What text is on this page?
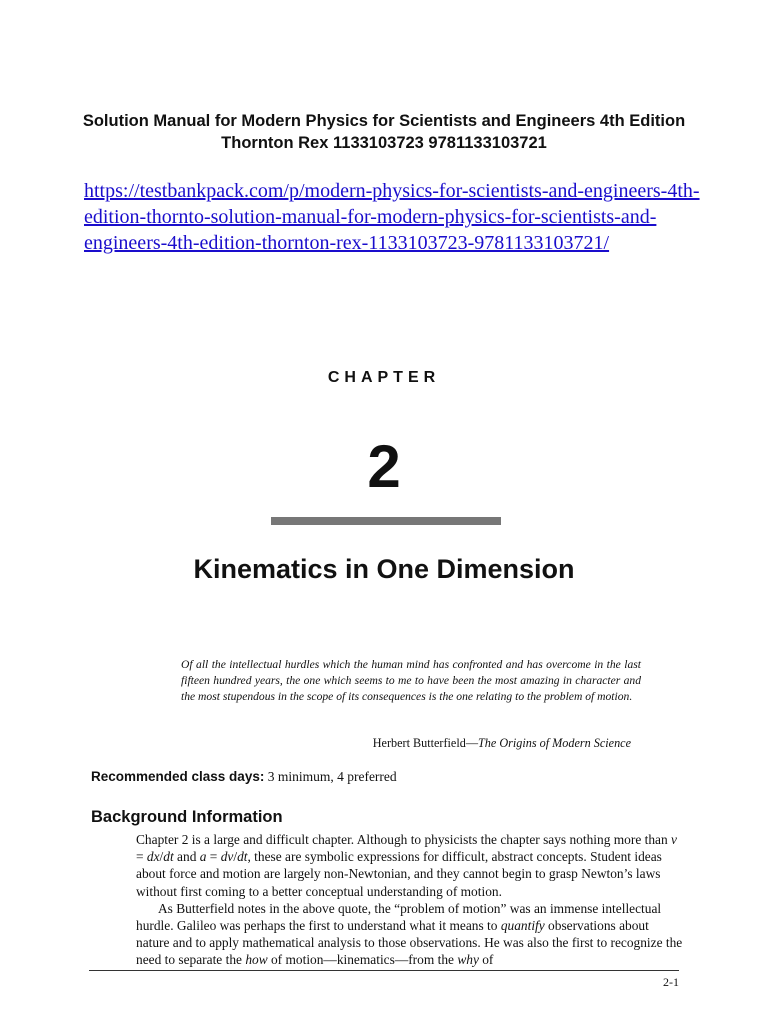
Solution Manual for Modern Physics for Scientists and Engineers 4th Edition Thornton Rex 1133103723 9781133103721
https://testbankpack.com/p/modern-physics-for-scientists-and-engineers-4th-edition-thornto-solution-manual-for-modern-physics-for-scientists-and-engineers-4th-edition-thornton-rex-1133103723-9781133103721/
CHAPTER
2
Kinematics in One Dimension
Of all the intellectual hurdles which the human mind has confronted and has overcome in the last fifteen hundred years, the one which seems to me to have been the most amazing in character and the most stupendous in the scope of its consequences is the one relating to the problem of motion.
Herbert Butterfield—The Origins of Modern Science
Recommended class days: 3 minimum, 4 preferred
Background Information

Chapter 2 is a large and difficult chapter. Although to physicists the chapter says nothing more than v = dx/dt and a = dv/dt, these are symbolic expressions for difficult, abstract concepts. Student ideas about force and motion are largely non-Newtonian, and they cannot begin to grasp Newton’s laws without first coming to a better conceptual understanding of motion.

As Butterfield notes in the above quote, the “problem of motion” was an immense intellectual hurdle. Galileo was perhaps the first to understand what it means to quantify observations about nature and to apply mathematical analysis to those observations. He was also the first to recognize the need to separate the how of motion—kinematics—from the why of

2-1
